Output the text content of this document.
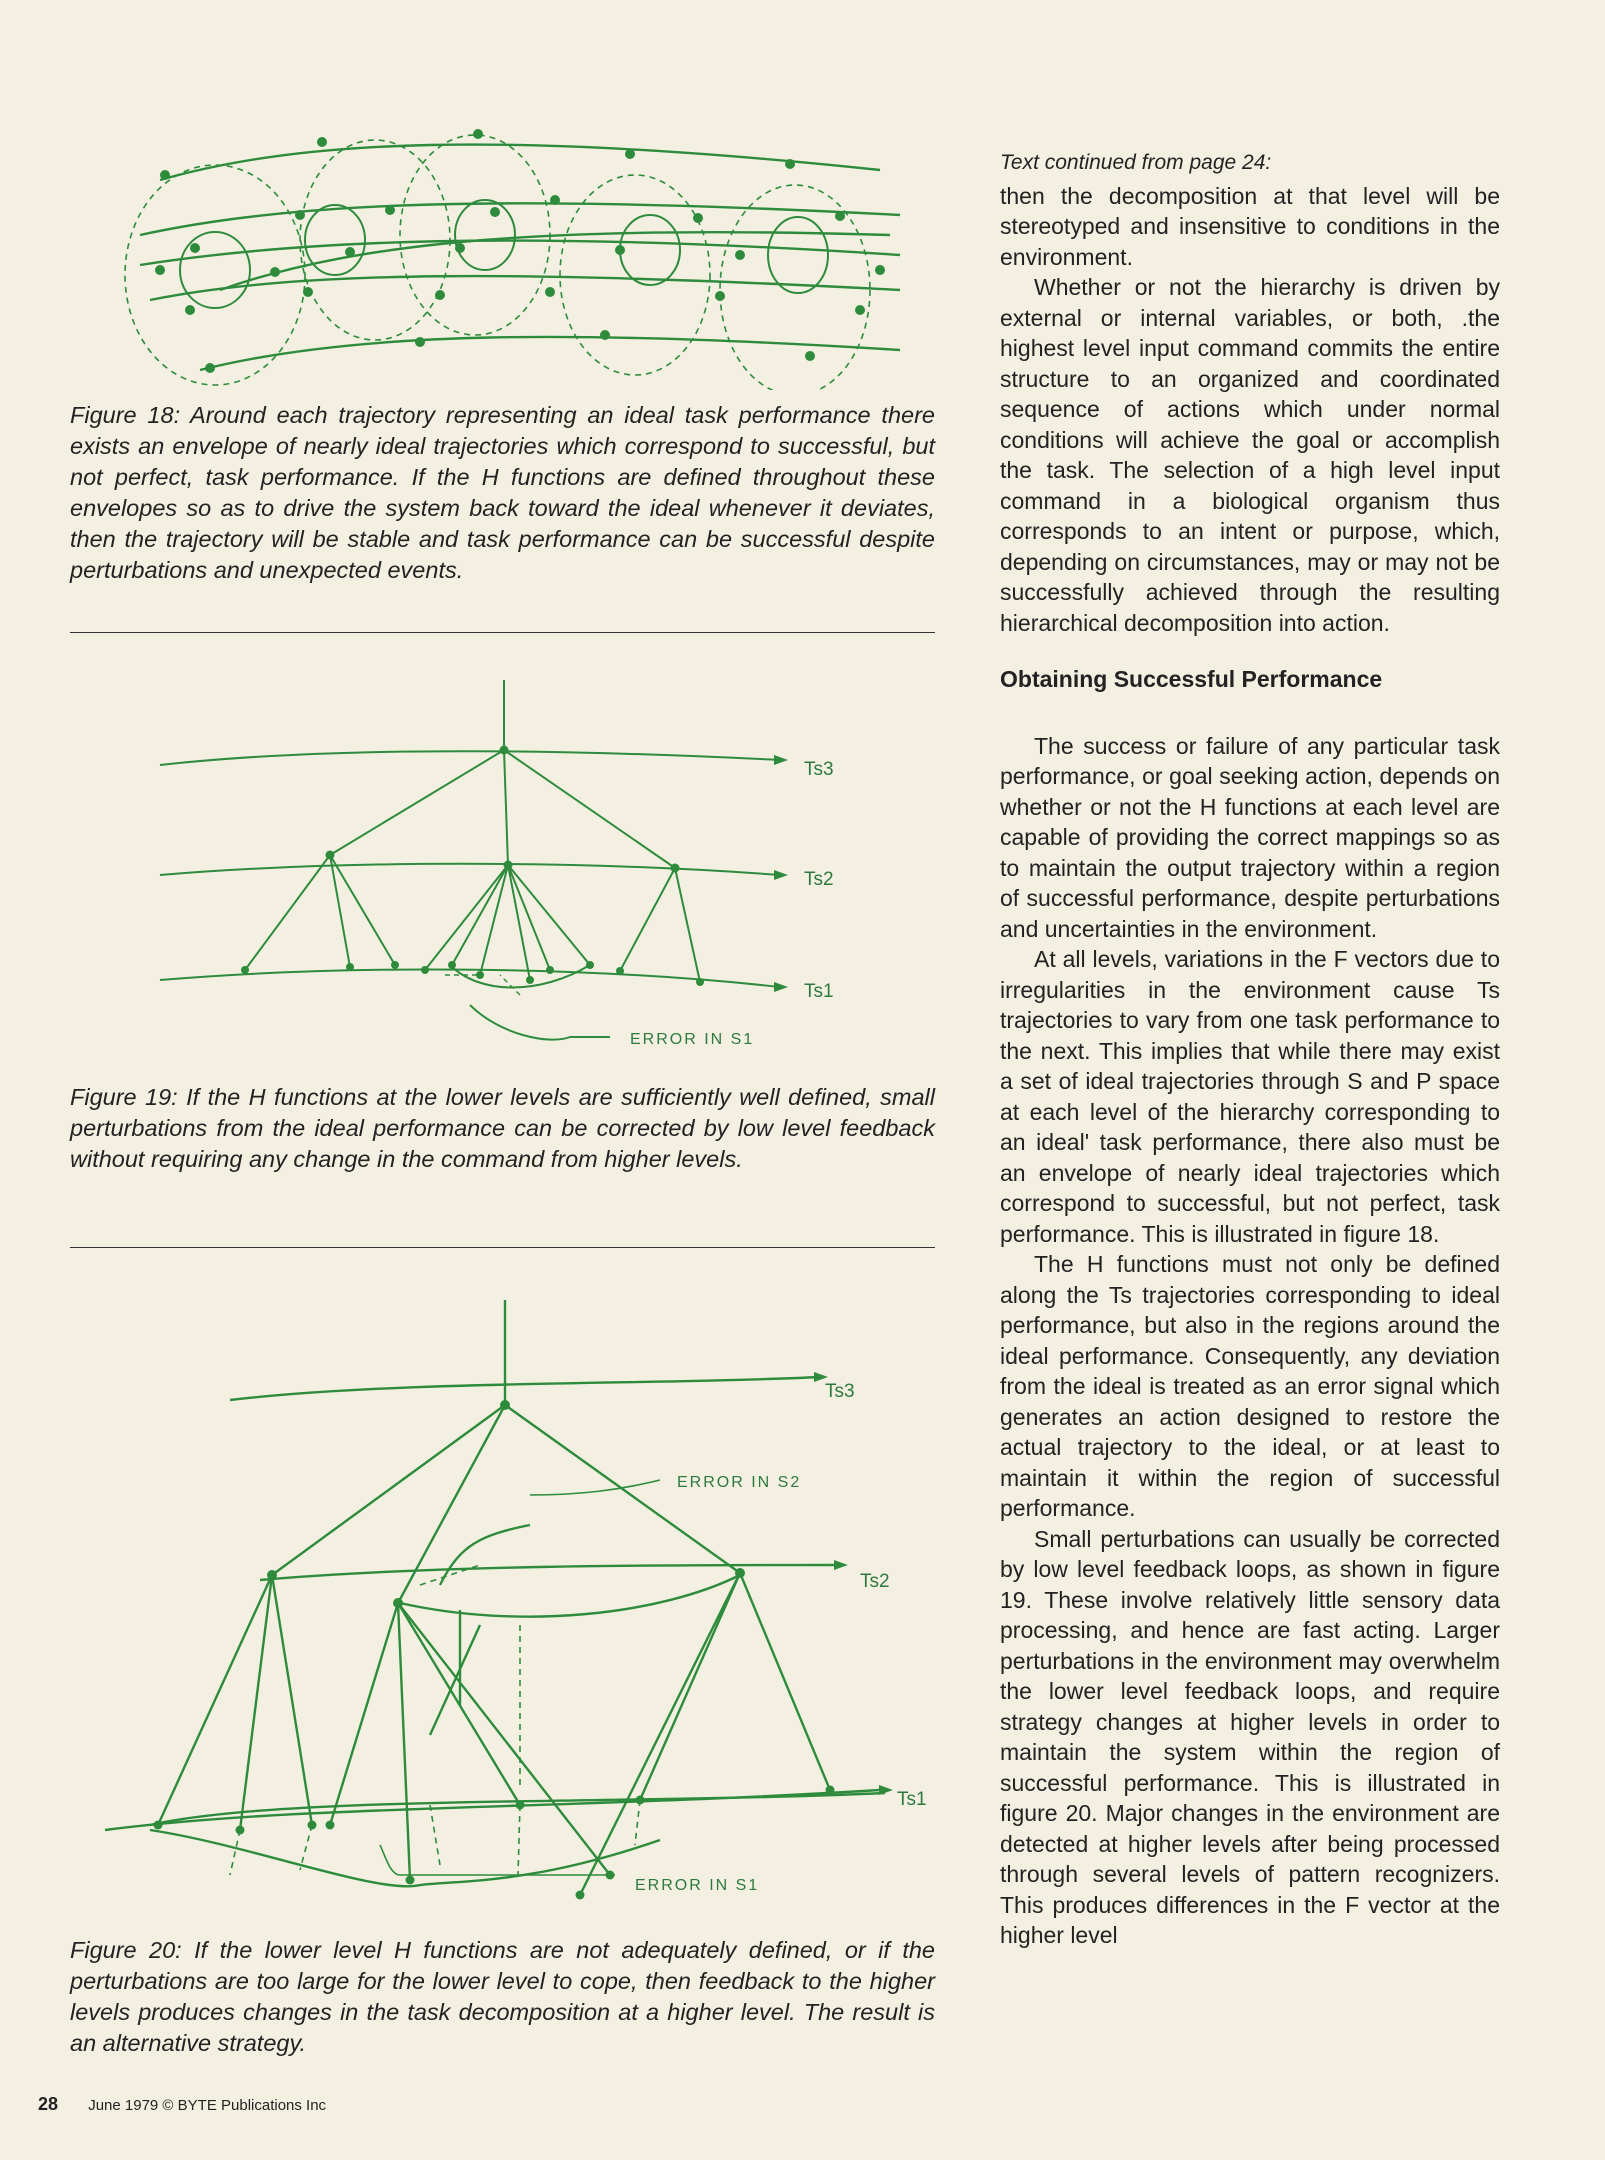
Figure 18: Around each trajectory representing an ideal task performance there exists an envelope of nearly ideal trajectories which correspond to successful, but not perfect, task performance. If the H functions are defined throughout these envelopes so as to drive the system back toward the ideal whenever it deviates, then the trajectory will be stable and task performance can be successful despite perturbations and unexpected events.
Ts3
Ts2
Ts1
ERROR IN S1
Figure 19: If the H functions at the lower levels are sufficiently well defined, small perturbations from the ideal performance can be corrected by low level feedback without requiring any change in the command from higher levels.
Ts3
Ts2
Ts1
ERROR IN S2
ERROR IN S1
Figure 20: If the lower level H functions are not adequately defined, or if the perturbations are too large for the lower level to cope, then feedback to the higher levels produces changes in the task decomposition at a higher level. The result is an alternative strategy.
Text continued from page 24:

then the decomposition at that level will be stereotyped and insensitive to conditions in the environment.

Whether or not the hierarchy is driven by external or internal variables, or both, .the highest level input command commits the entire structure to an organized and coordinated sequence of actions which under normal conditions will achieve the goal or accomplish the task. The selection of a high level input command in a biological organism thus corresponds to an intent or purpose, which, depending on circumstances, may or may not be successfully achieved through the resulting hierarchical decomposition into action.

Obtaining Successful Performance

The success or failure of any particular task performance, or goal seeking action, depends on whether or not the H functions at each level are capable of providing the correct mappings so as to maintain the output trajectory within a region of successful performance, despite perturbations and uncertainties in the environment.

At all levels, variations in the F vectors due to irregularities in the environment cause Ts trajectories to vary from one task performance to the next. This implies that while there may exist a set of ideal trajectories through S and P space at each level of the hierarchy corresponding to an ideal' task performance, there also must be an envelope of nearly ideal trajectories which correspond to successful, but not perfect, task performance. This is illustrated in figure 18.

The H functions must not only be defined along the Ts trajectories corresponding to ideal performance, but also in the regions around the ideal performance. Consequently, any deviation from the ideal is treated as an error signal which generates an action designed to restore the actual trajectory to the ideal, or at least to maintain it within the region of successful performance.

Small perturbations can usually be corrected by low level feedback loops, as shown in figure 19. These involve relatively little sensory data processing, and hence are fast acting. Larger perturbations in the environment may overwhelm the lower level feedback loops, and require strategy changes at higher levels in order to maintain the system within the region of successful performance. This is illustrated in figure 20. Major changes in the environment are detected at higher levels after being processed through several levels of pattern recognizers. This produces differences in the F vector at the higher level

28 June 1979 © BYTE Publications Inc
